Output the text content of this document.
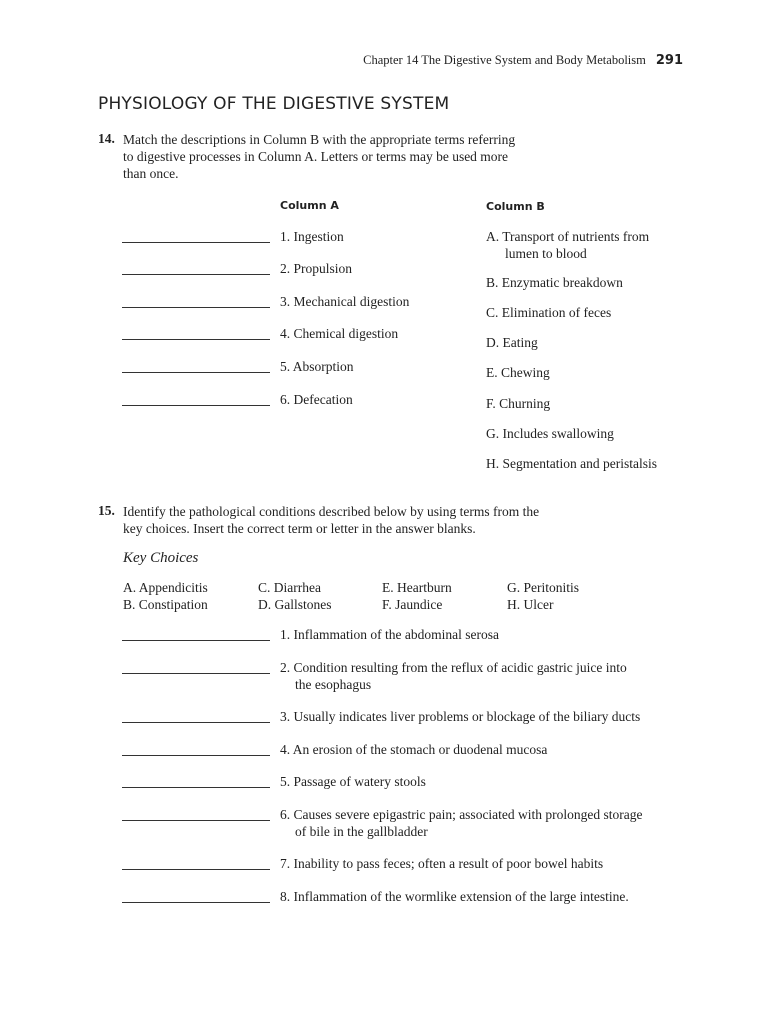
Chapter 14 The Digestive System and Body Metabolism 291
PHYSIOLOGY OF THE DIGESTIVE SYSTEM
14. Match the descriptions in Column B with the appropriate terms referring
to digestive processes in Column A. Letters or terms may be used more
than once.
Column A	Column B
1. Ingestion
2. Propulsion
3. Mechanical digestion
4. Chemical digestion
5. Absorption
6. Defecation
A. Transport of nutrients from
lumen to blood
B. Enzymatic breakdown
C. Elimination of feces
D. Eating
E. Chewing
F. Churning
G. Includes swallowing
H. Segmentation and peristalsis
15. Identify the pathological conditions described below by using terms from the
key choices. Insert the correct term or letter in the answer blanks.
Key Choices
A. Appendicitis
B. Constipation
C. Diarrhea
D. Gallstones
E. Heartburn
F. Jaundice
G. Peritonitis
H. Ulcer
1. Inflammation of the abdominal serosa
2. Condition resulting from the reflux of acidic gastric juice into
the esophagus
3. Usually indicates liver problems or blockage of the biliary ducts
4. An erosion of the stomach or duodenal mucosa
5. Passage of watery stools
6. Causes severe epigastric pain; associated with prolonged storage
of bile in the gallbladder
7. Inability to pass feces; often a result of poor bowel habits
8. Inflammation of the wormlike extension of the large intestine.
